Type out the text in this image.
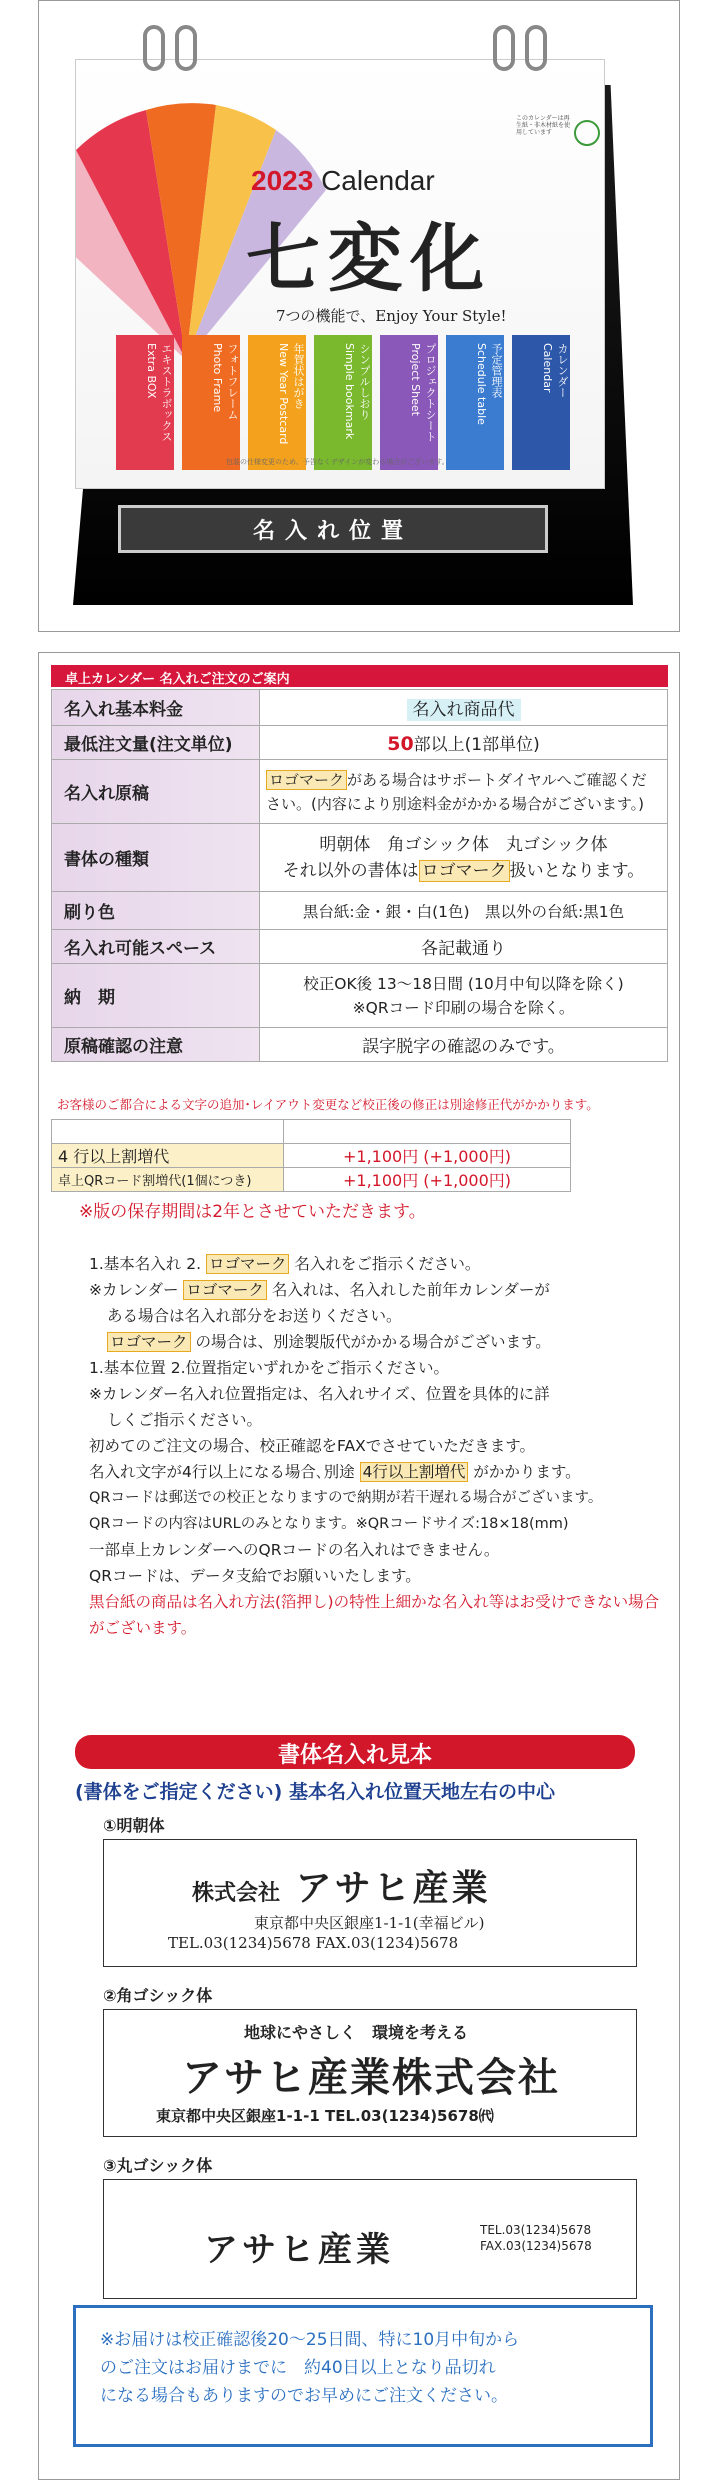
このカレンダーは再生紙・非木材紙を使用しています
2023 Calendar
七変化
7つの機能で、Enjoy Your Style!
エキストラボックス
Extra BOX	フォトフレーム
Photo Frame	年賀状はがき
New Year Postcard	シンプルしおり
Simple bookmark	プロジェクトシート
Project Sheet	予定管理表
Schedule table	カレンダー
Calendar
包装の仕様変更のため、予告なくデザインが変わる場合がございます。
名入れ位置
卓上カレンダー 名入れご注文のご案内
名入れ基本料金	名入れ商品代
最低注文量(注文単位)	50部以上(1部単位)
名入れ原稿	ロゴマーク がある場合はサポートダイヤルへご確認ください。(内容により別途料金がかかる場合がございます。)
書体の種類	明朝体　角ゴシック体　丸ゴシック体
それ以外の書体は ロゴマーク 扱いとなります。

刷り色	黒台紙:金・銀・白(1色)　黒以外の台紙:黒1色
名入れ可能スペース	各記載通り
納　期	校正OK後 13～18日間 (10月中旬以降を除く)
※QRコード印刷の場合を除く。

原稿確認の注意	誤字脱字の確認のみです。
お客様のご都合による文字の追加･レイアウト変更など校正後の修正は別途修正代がかかります。

4 行以上割増代	+1,100円 (+1,000円)
卓上QRコード割増代(1個につき)	+1,100円 (+1,000円)
※版の保存期間は2年とさせていただきます。

1.基本名入れ 2. ロゴマーク 名入れをご指示ください。

※カレンダー ロゴマーク 名入れは、名入れした前年カレンダーが

ある場合は名入れ部分をお送りください。

ロゴマーク の場合は、別途製版代がかかる場合がございます。

1.基本位置 2.位置指定いずれかをご指示ください。

※カレンダー名入れ位置指定は、名入れサイズ、位置を具体的に詳

しくご指示ください。

初めてのご注文の場合、校正確認をFAXでさせていただきます。

名入れ文字が4行以上になる場合､別途 4行以上割増代 がかかります。

QRコードは郵送での校正となりますので納期が若干遅れる場合がございます。

QRコードの内容はURLのみとなります。※QRコードサイズ:18×18(mm)

一部卓上カレンダーへのQRコードの名入れはできません。

QRコードは、データ支給でお願いいたします。

黒台紙の商品は名入れ方法(箔押し)の特性上細かな名入れ等はお受けできない場合がございます。

書体名入れ見本
(書体をご指定ください) 基本名入れ位置天地左右の中心
①明朝体
株式会社 アサヒ産業
東京都中央区銀座1-1-1(幸福ビル)
TEL.03(1234)5678 FAX.03(1234)5678
②角ゴシック体
地球にやさしく　環境を考える
アサヒ産業株式会社
東京都中央区銀座1-1-1 TEL.03(1234)5678㈹
③丸ゴシック体
アサヒ産業	TEL.03(1234)5678
FAX.03(1234)5678
※お届けは校正確認後20～25日間、特に10月中旬から
のご注文はお届けまでに　約40日以上となり品切れ
になる場合もありますのでお早めにご注文ください。
